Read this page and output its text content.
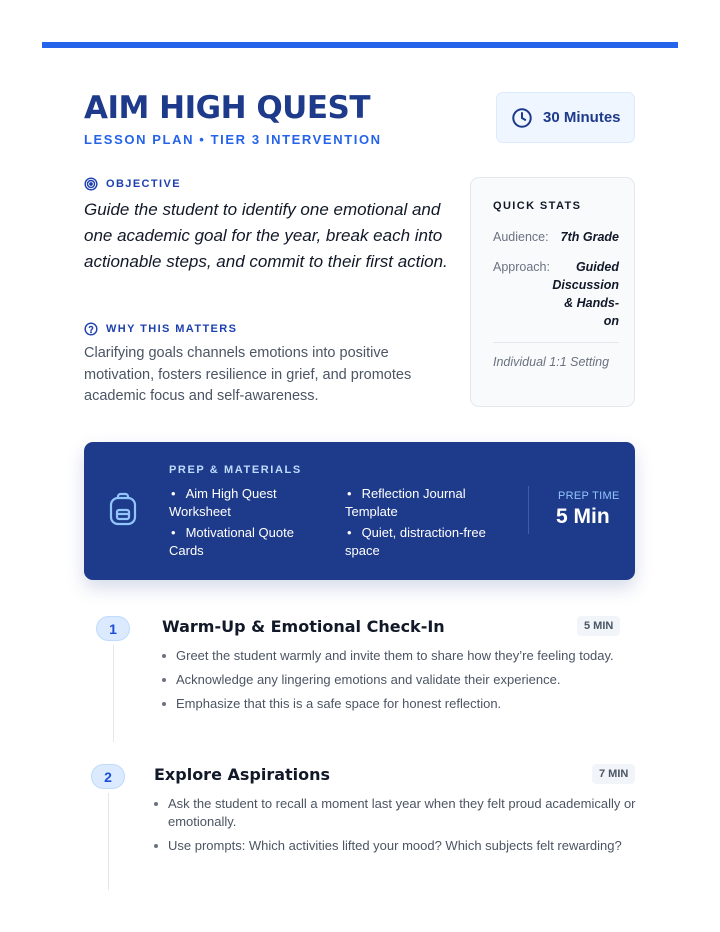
AIM HIGH QUEST
LESSON PLAN • TIER 3 INTERVENTION
30 Minutes
OBJECTIVE

Guide the student to identify one emotional and one academic goal for the year, break each into actionable steps, and commit to their first action.

WHY THIS MATTERS

Clarifying goals channels emotions into positive motivation, fosters resilience in grief, and promotes academic focus and self-awareness.

QUICK STATS
Audience: 7th Grade
Approach:	Guided Discussion & Hands-on
Individual 1:1 Setting
PREP & MATERIALS
• Aim High Quest Worksheet
• Motivational Quote Cards
• Reflection Journal Template
• Quiet, distraction-free space
PREP TIME
5 Min
1	Warm-Up & Emotional Check-In	5 MIN
Greet the student warmly and invite them to share how they’re feeling today.
Acknowledge any lingering emotions and validate their experience.
Emphasize that this is a safe space for honest reflection.
2	Explore Aspirations	7 MIN
Ask the student to recall a moment last year when they felt proud academically or emotionally.
Use prompts: Which activities lifted your mood? Which subjects felt rewarding?
